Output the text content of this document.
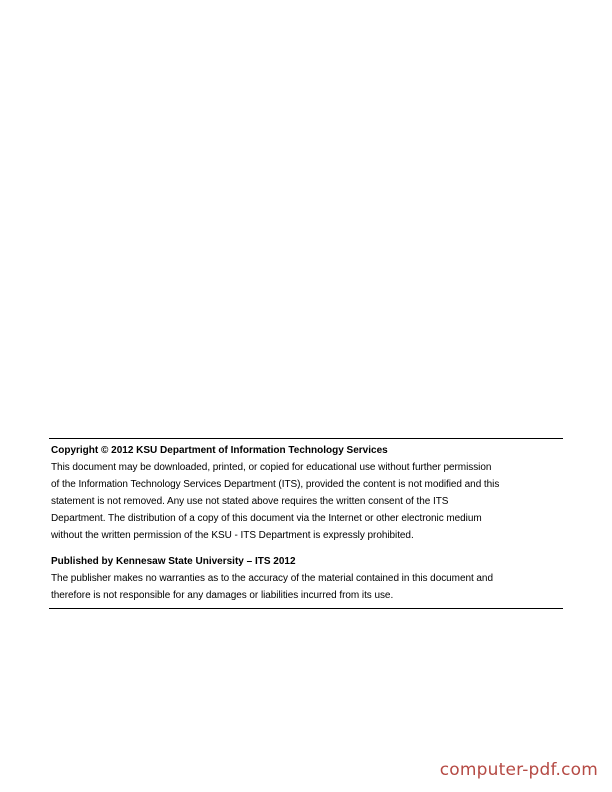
Copyright © 2012 KSU Department of Information Technology Services

This document may be downloaded, printed, or copied for educational use without further permission

of the Information Technology Services Department (ITS), provided the content is not modified and this

statement is not removed. Any use not stated above requires the written consent of the ITS

Department. The distribution of a copy of this document via the Internet or other electronic medium

without the written permission of the KSU - ITS Department is expressly prohibited.

Published by Kennesaw State University – ITS 2012

The publisher makes no warranties as to the accuracy of the material contained in this document and

therefore is not responsible for any damages or liabilities incurred from its use.

computer-pdf.com
